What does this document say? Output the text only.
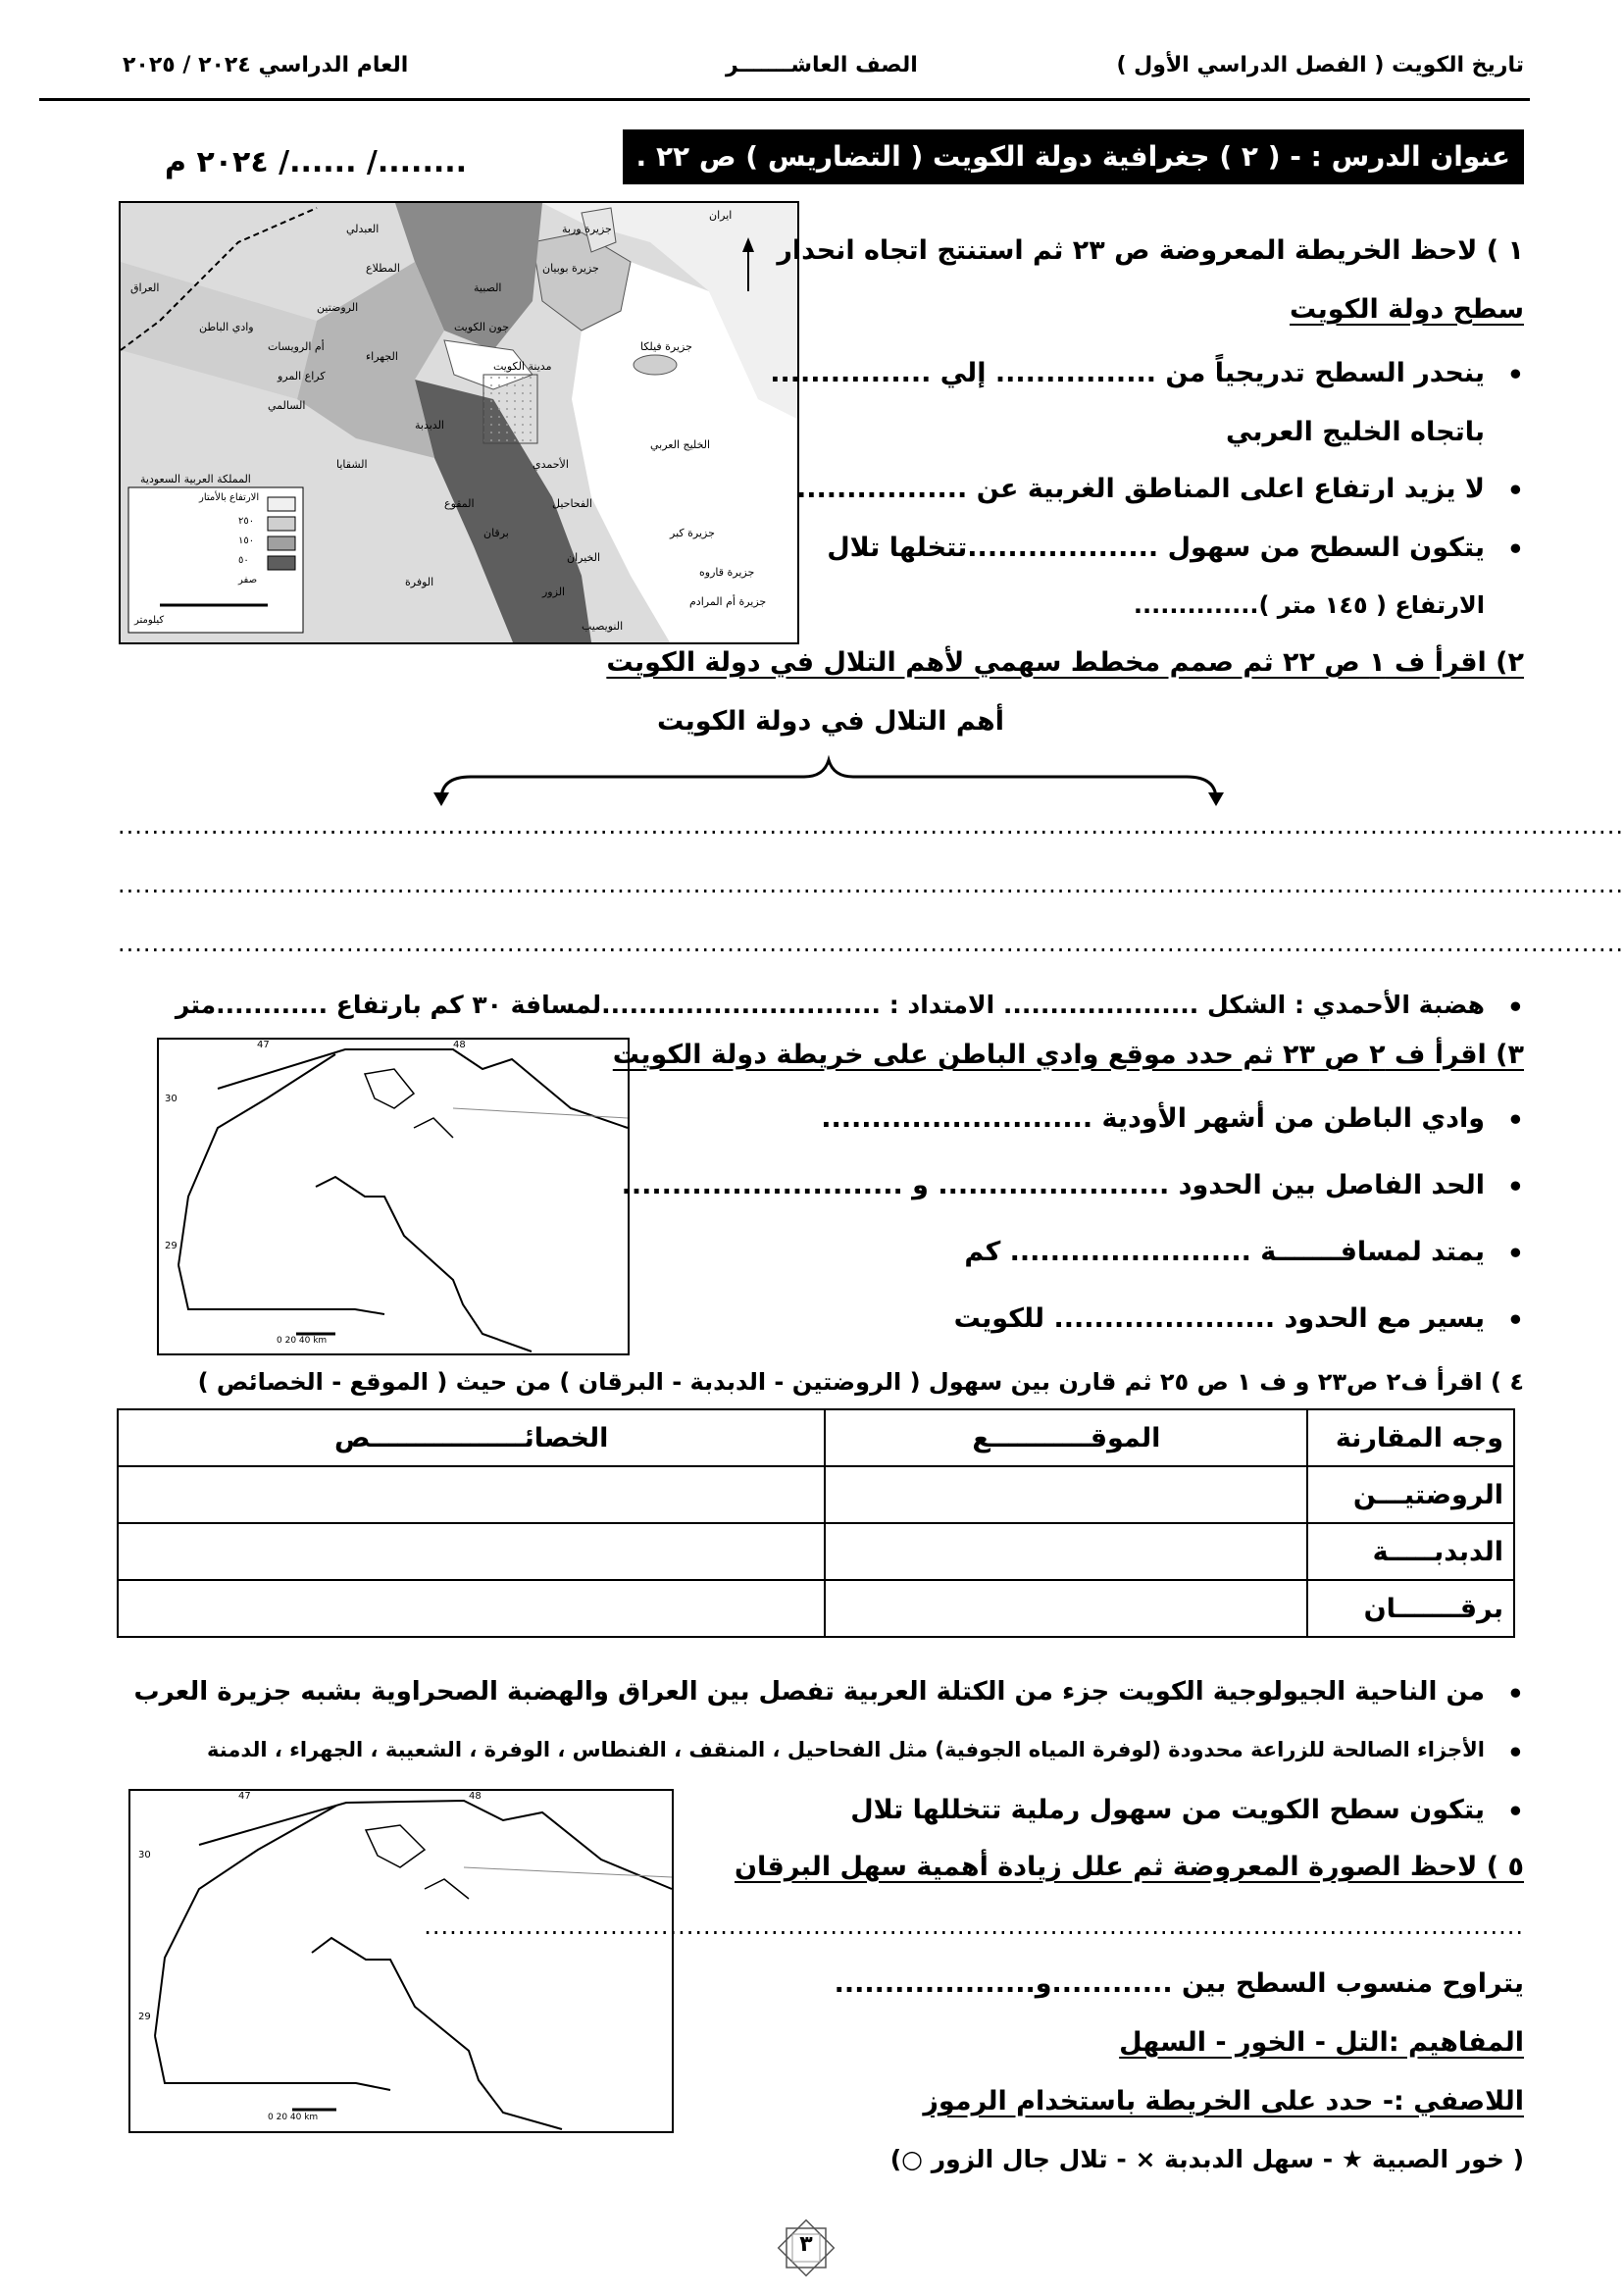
تاريخ الكويت ( الفصل الدراسي الأول )
الصف العاشـــــــر
العام الدراسي ٢٠٢٤ / ٢٠٢٥
عنوان الدرس : - ( ٢ ) جغرافية دولة الكويت ( التضاريس ) ص ٢٢ .
......../ ....../ ٢٠٢٤ م
ايران
العراق
المطلاع
الصبية
جزيرة بوبيان
جزيرة وربة
جون الكويت
الجهراء
جزيرة فيلكا
مدينة الكويت
الخليج العربي
الأحمدي
الفحاحيل
جزيرة كبر
جزيرة قاروه
جزيرة أم المرادم
الوفرة
النويصيب
المملكة العربية السعودية
السالمي
الشقايا
أم الرويسات
وادي الباطن
العبدلي
الروضتين
الدبدبة
برقان
كراع المرو
المقوع
الزور
الخيران
الارتفاع بالأمتار
٢٥٠
١٥٠
٥٠
صفر
كيلومتر
١ ) لاحظ الخريطة المعروضة ص ٢٣ ثم استنتج اتجاه انحدار
سطح دولة الكويت
•
ينحدر السطح تدريجياً من ................ إلي ................
باتجاه الخليج العربي
•
لا يزيد ارتفاع اعلى المناطق الغربية عن .................
•
يتكون السطح من سهول ...................تتخلها تلال
الارتفاع ( ١٤٥ متر )..............
٢) اقرأ ف ١ ص ٢٢ ثم صمم مخطط سهمي لأهم التلال في دولة الكويت
أهم التلال في دولة الكويت
..................................................................................................................................................................................
..................................................................................................................................................................................
..................................................................................................................................................................................
•
هضبة الأحمدي : الشكل ..................... الامتداد : ..............................لمسافة ٣٠ كم بارتفاع ............متر
47	48
30
29
0 20 40 km
٣) اقرأ ف ٢ ص ٢٣ ثم حدد موقع وادي الباطن على خريطة دولة الكويت
•
وادي الباطن من أشهر الأودية ...........................
•
الحد الفاصل بين الحدود ....................... و ............................
•
يمتد لمسافـــــــة ........................ كم
•
يسير مع الحدود ...................... للكويت
٤ ) اقرأ ف٢ ص٢٣ و ف ١ ص ٢٥ ثم قارن بين سهول ( الروضتين - الدبدبة - البرقان ) من حيث ( الموقع - الخصائص )
الخصائـــــــــــــــــص	الموقـــــــــــع	وجه المقارنة
		الروضتيـــن
		الدبدبـــــة
		برقـــــــان
•
من الناحية الجيولوجية الكويت جزء من الكتلة العربية تفصل بين العراق والهضبة الصحراوية بشبه جزيرة العرب
•
الأجزاء الصالحة للزراعة محدودة (لوفرة المياه الجوفية) مثل الفحاحيل ، المنقف ، الفنطاس ، الوفرة ، الشعيبة ، الجهراء ، الدمنة
•
يتكون سطح الكويت من سهول رملية تتخللها تلال
47	48
30
29
0 20 40 km
٥ ) لاحظ الصورة المعروضة ثم علل زيادة أهمية سهل البرقان
..................................................................................................................................
يتراوح منسوب السطح بين ............و....................
المفاهيم :التل - الخور - السهل
اللاصفي :- حدد على الخريطة باستخدام الرموز
( خور الصبية ★ - سهل الدبدبة × - تلال جال الزور ○)
٣
